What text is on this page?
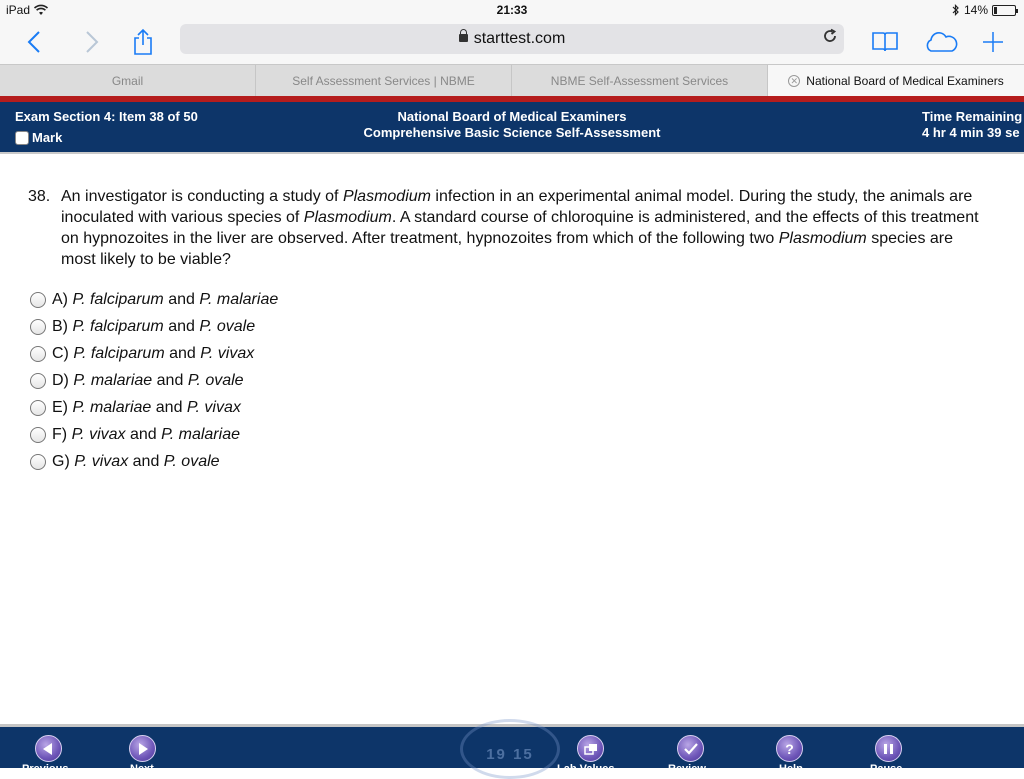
iPad	21:33	14%
starttest.com
Gmail	Self Assessment Services | NBME	NBME Self-Assessment Services	✕ National Board of Medical Examiners
Exam Section 4: Item 38 of 50
Mark
National Board of Medical Examiners
Comprehensive Basic Science Self-Assessment
Time Remaining
4 hr 4 min 39 se
38. An investigator is conducting a study of Plasmodium infection in an experimental animal model. During the study, the animals are inoculated with various species of Plasmodium. A standard course of chloroquine is administered, and the effects of this treatment on hypnozoites in the liver are observed. After treatment, hypnozoites from which of the following two Plasmodium species are most likely to be viable?
A)
P. falciparum
and
P. malariae
B)
P. falciparum
and
P. ovale
C)
P. falciparum
and
P. vivax
D)
P. malariae
and
P. ovale
E)
P. malariae
and
P. vivax
F)
P. vivax
and
P. malariae
G)
P. vivax
and
P. ovale
19 15
Previous	Next	Lab Values	Review
?
Help	Pause
